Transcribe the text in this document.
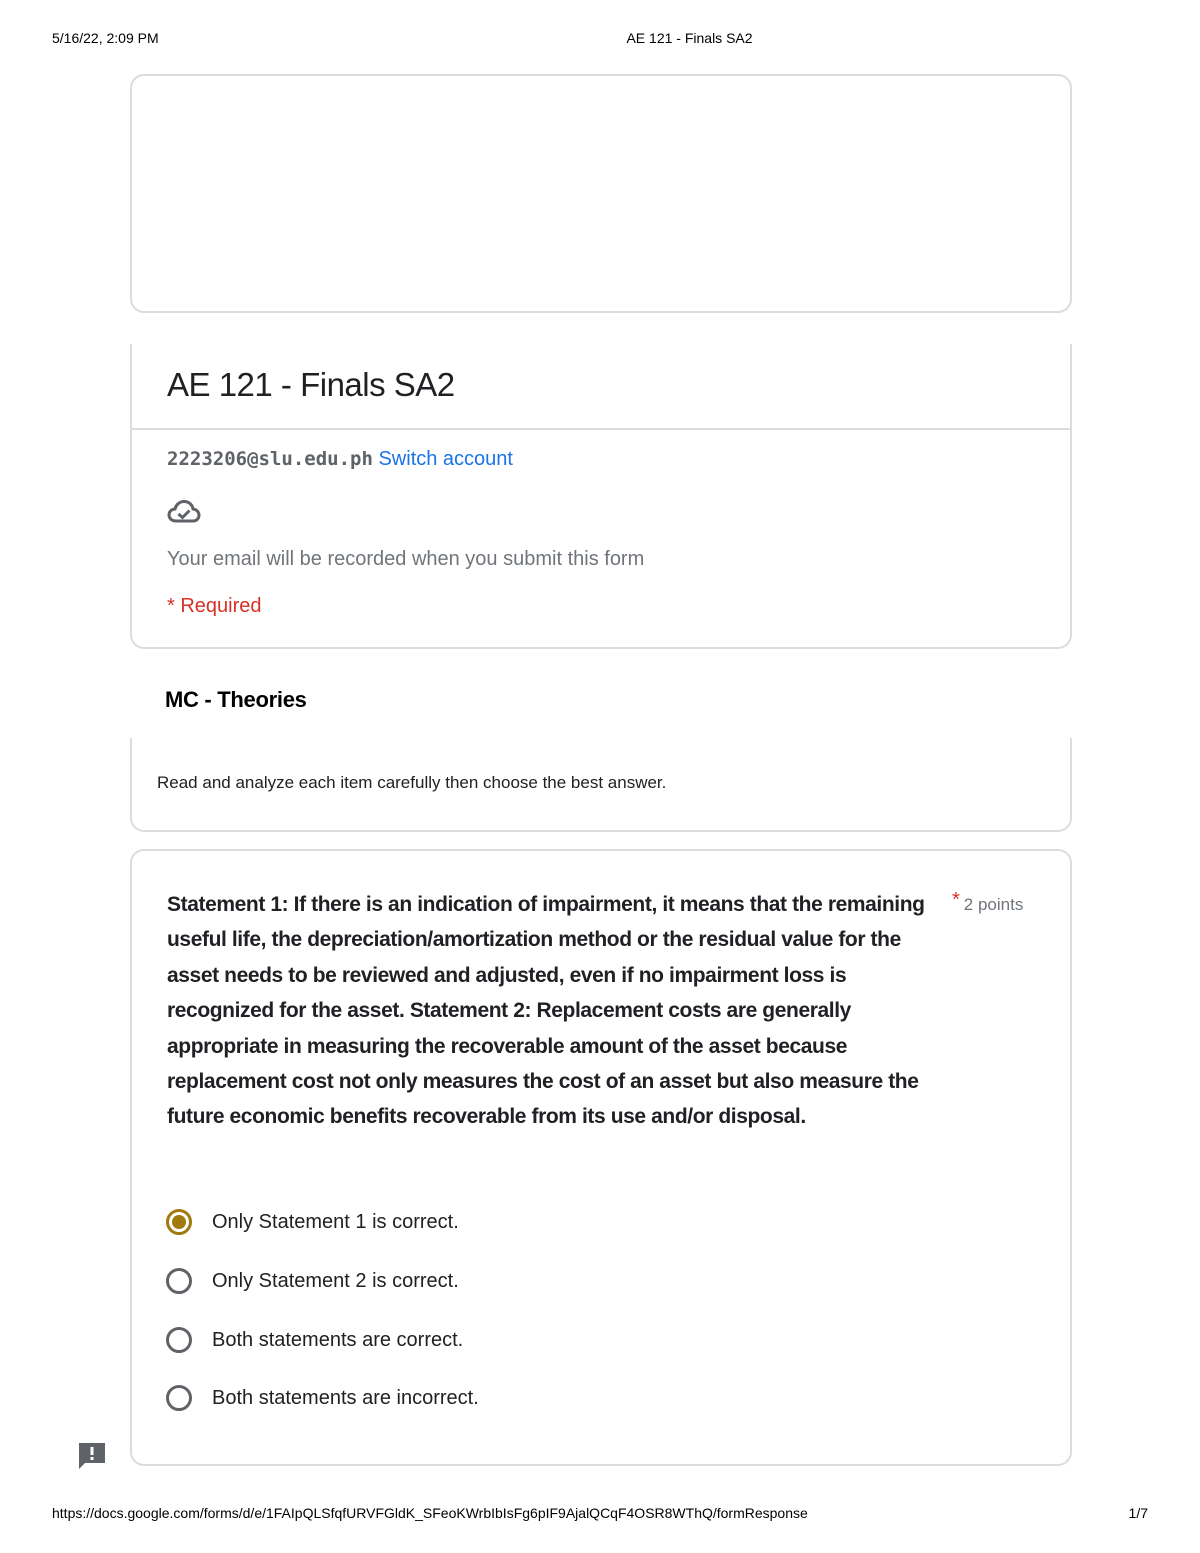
5/16/22, 2:09 PM	AE 121 - Finals SA2
AE 121 - Finals SA2
2223206@slu.edu.ph Switch account
Your email will be recorded when you submit this form
* Required
MC - Theories
Read and analyze each item carefully then choose the best answer.
Statement 1: If there is an indication of impairment, it means that the remaining useful life, the depreciation/amortization method or the residual value for the asset needs to be reviewed and adjusted, even if no impairment loss is recognized for the asset. Statement 2: Replacement costs are generally appropriate in measuring the recoverable amount of the asset because replacement cost not only measures the cost of an asset but also measure the future economic benefits recoverable from its use and/or disposal.
* 2 points
Only Statement 1 is correct.
Only Statement 2 is correct.
Both statements are correct.
Both statements are incorrect.
https://docs.google.com/forms/d/e/1FAIpQLSfqfURVFGldK_SFeoKWrbIbIsFg6pIF9AjalQCqF4OSR8WThQ/formResponse	1/7
